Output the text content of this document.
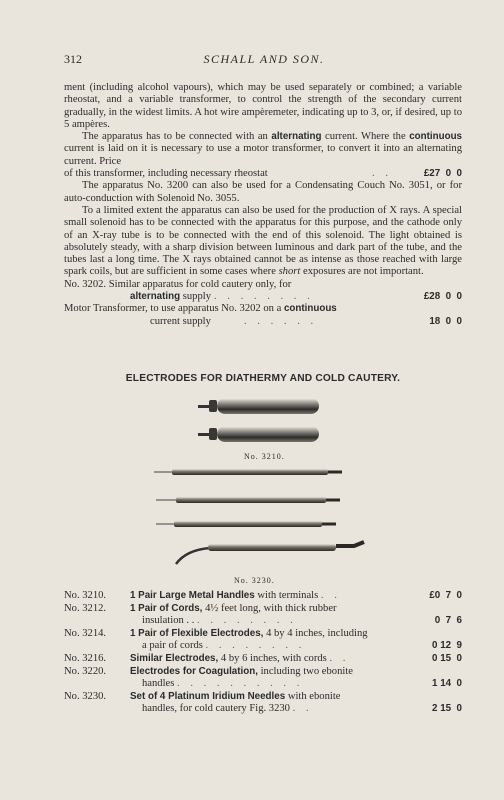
312	SCHALL AND SON.
ment (including alcohol vapours), which may be used separately or combined; a variable rheostat, and a variable transformer, to control the strength of the secondary current gradually, in the widest limits. A hot wire ampèremeter, indicating up to 3, or, if desired, up to 5 ampères.
The apparatus has to be connected with an alternating current. Where the continuous current is laid on it is necessary to use a motor transformer, to convert it into an alternating current. Price
of this transformer, including necessary rheostat	. .	£27  0  0
The apparatus No. 3200 can also be used for a Condensating Couch No. 3051, or for auto-conduction with Solenoid No. 3055.
To a limited extent the apparatus can also be used for the production of X rays. A special small solenoid has to be connected with the apparatus for this purpose, and the cathode only of an X-ray tube is to be connected with the end of this solenoid. The light obtained is absolutely steady, with a sharp division between luminous and dark part of the tube, and the tubes last a long time. The X rays obtained cannot be as intense as those reached with large spark coils, but are sufficient in some cases where short exposures are not important.
No. 3202. Similar apparatus for cold cautery only, for
alternating supply . . . . . . . .	£28  0  0
Motor Transformer, to use apparatus No. 3202 on a continuous
current supply	. . . . . .	18  0  0
ELECTRODES FOR DIATHERMY AND COLD CAUTERY.
No. 3210.
No. 3230.
No. 3210. 1 Pair Large Metal Handles with terminals . .	£0  7  0
No. 3212. 1 Pair of Cords, 4½ feet long, with thick rubber
insulation . . . . . . . . . .	0  7  6
No. 3214. 1 Pair of Flexible Electrodes, 4 by 4 inches, including
a pair of cords . . . . . . . .	0 12  9
No. 3216. Similar Electrodes, 4 by 6 inches, with cords . .	0 15  0
No. 3220. Electrodes for Coagulation, including two ebonite
handles . . . . . . . . . .	1 14  0
No. 3230. Set of 4 Platinum Iridium Needles with ebonite
handles, for cold cautery Fig. 3230 . .	2 15  0
